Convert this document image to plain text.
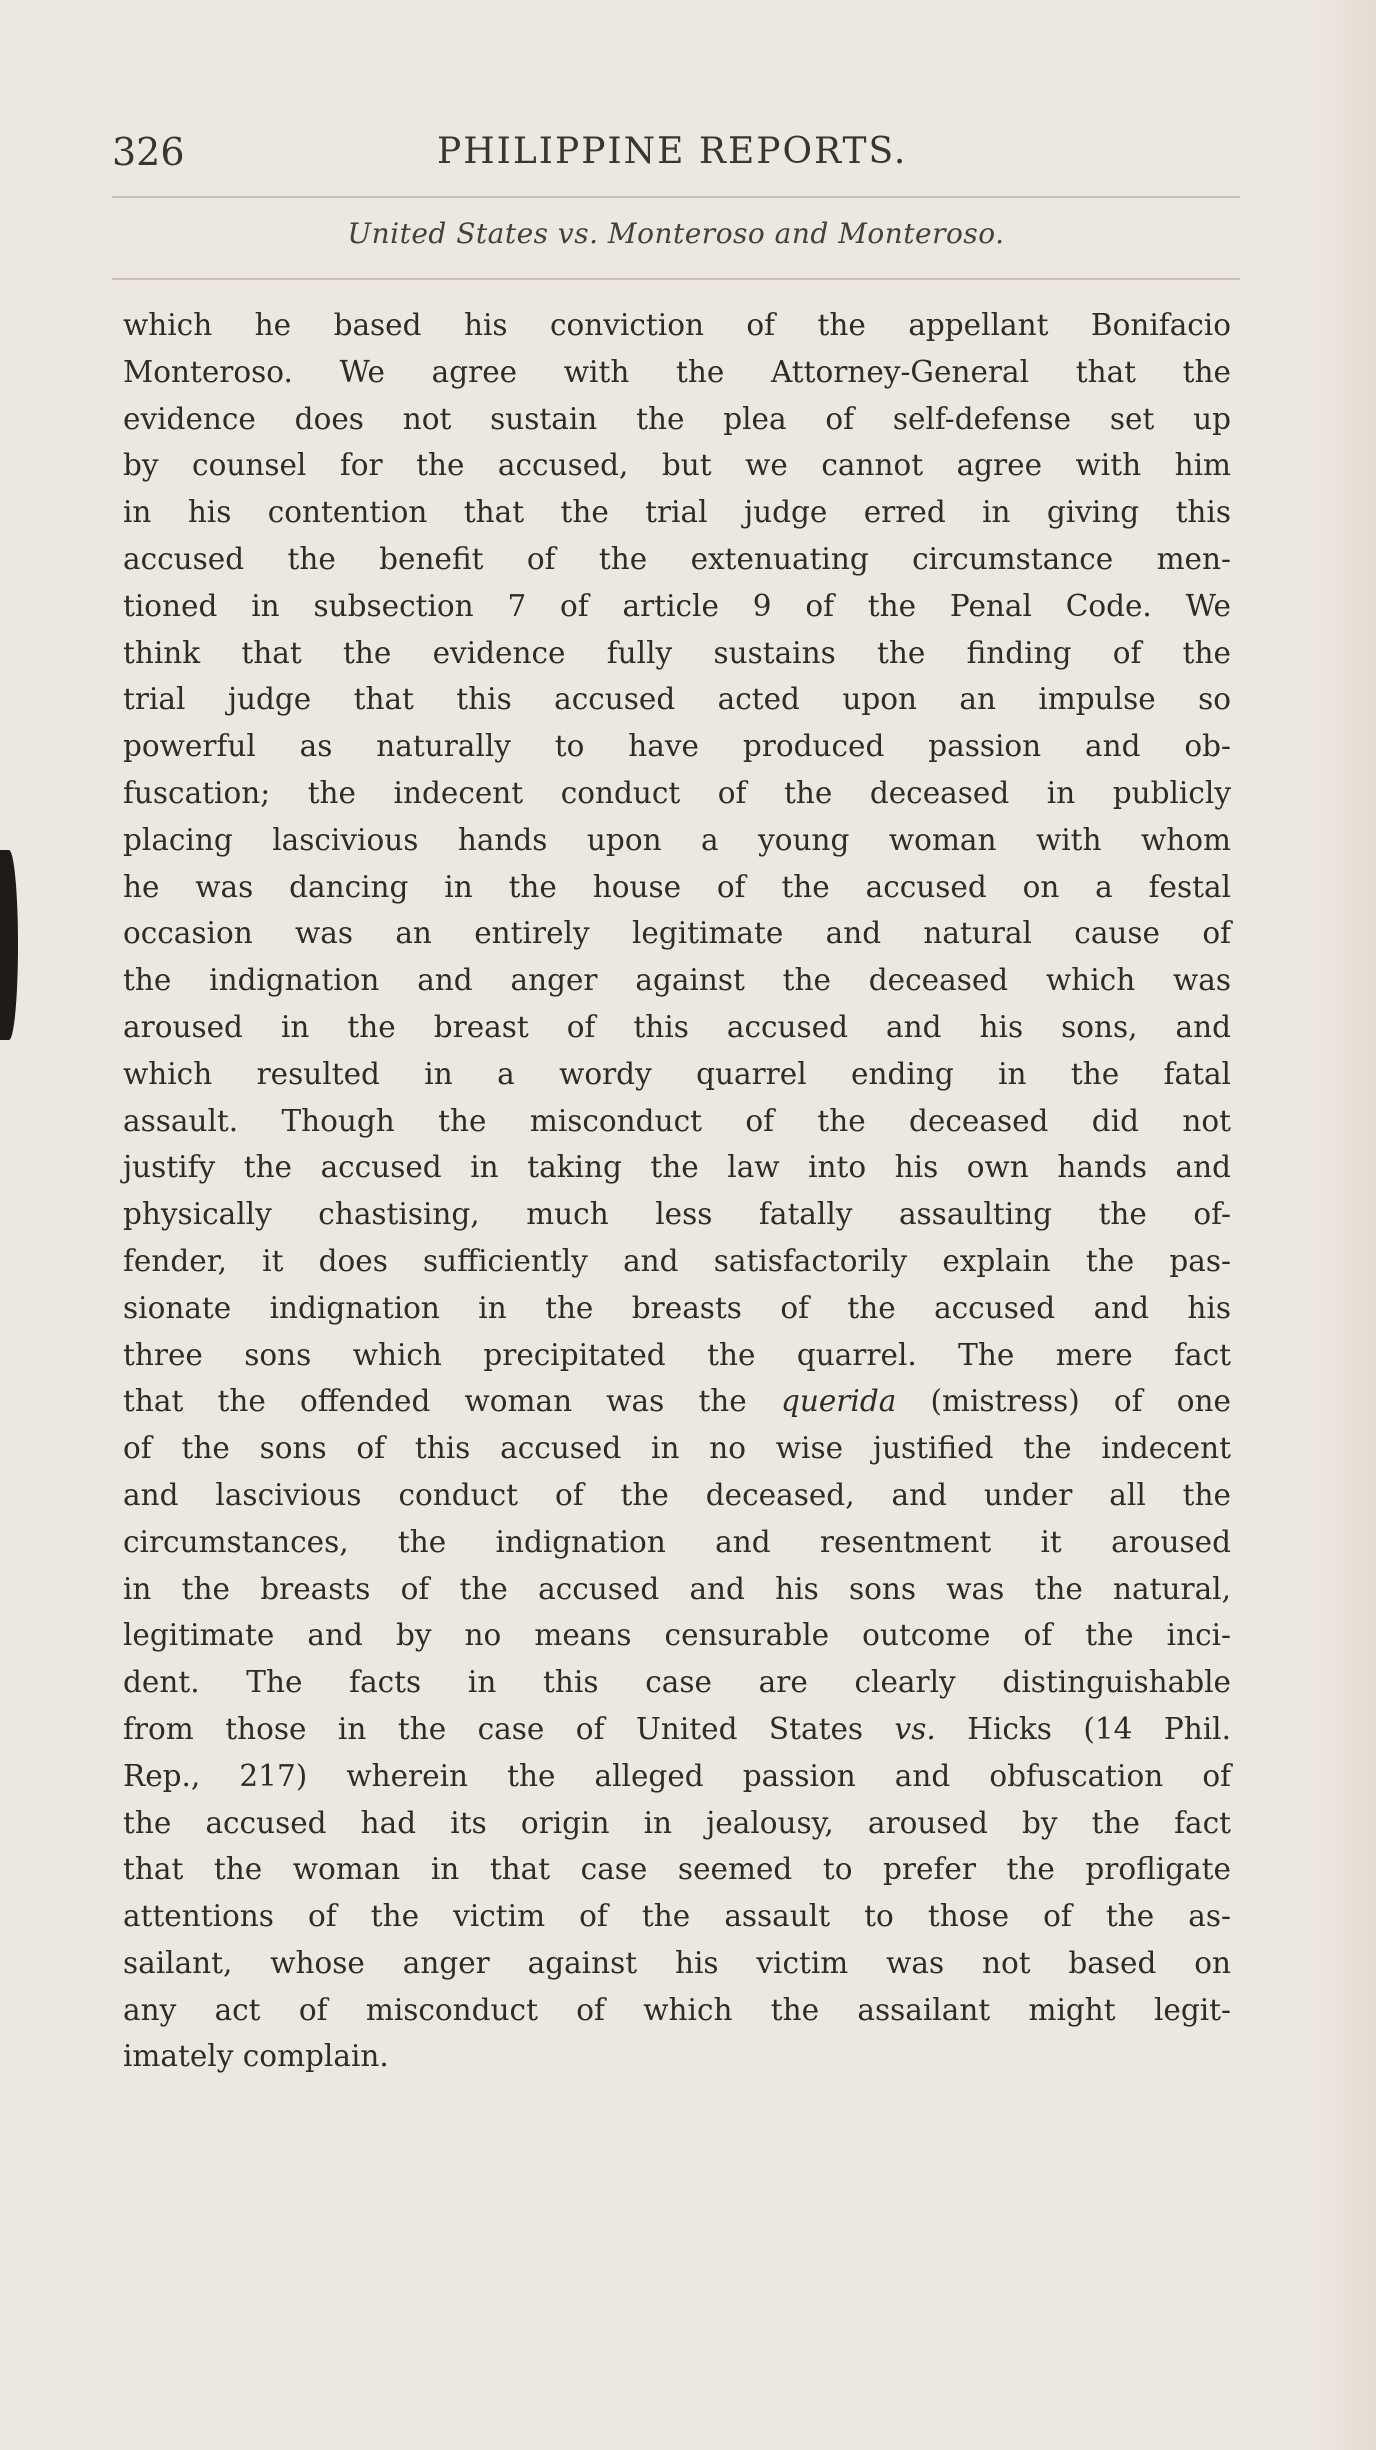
326	PHILIPPINE REPORTS.
United States vs. Monteroso and Monteroso.
which he based his conviction of the appellant Bonifacio
Monteroso. We agree with the Attorney-General that the
evidence does not sustain the plea of self-defense set up
by counsel for the accused, but we cannot agree with him
in his contention that the trial judge erred in giving this
accused the benefit of the extenuating circumstance men-
tioned in subsection 7 of article 9 of the Penal Code. We
think that the evidence fully sustains the finding of the
trial judge that this accused acted upon an impulse so
powerful as naturally to have produced passion and ob-
fuscation; the indecent conduct of the deceased in publicly
placing lascivious hands upon a young woman with whom
he was dancing in the house of the accused on a festal
occasion was an entirely legitimate and natural cause of
the indignation and anger against the deceased which was
aroused in the breast of this accused and his sons, and
which resulted in a wordy quarrel ending in the fatal
assault. Though the misconduct of the deceased did not
justify the accused in taking the law into his own hands and
physically chastising, much less fatally assaulting the of-
fender, it does sufficiently and satisfactorily explain the pas-
sionate indignation in the breasts of the accused and his
three sons which precipitated the quarrel. The mere fact
that the offended woman was the querida (mistress) of one
of the sons of this accused in no wise justified the indecent
and lascivious conduct of the deceased, and under all the
circumstances, the indignation and resentment it aroused
in the breasts of the accused and his sons was the natural,
legitimate and by no means censurable outcome of the inci-
dent. The facts in this case are clearly distinguishable
from those in the case of United States vs. Hicks (14 Phil.
Rep., 217) wherein the alleged passion and obfuscation of
the accused had its origin in jealousy, aroused by the fact
that the woman in that case seemed to prefer the profligate
attentions of the victim of the assault to those of the as-
sailant, whose anger against his victim was not based on
any act of misconduct of which the assailant might legit-
imately complain.
